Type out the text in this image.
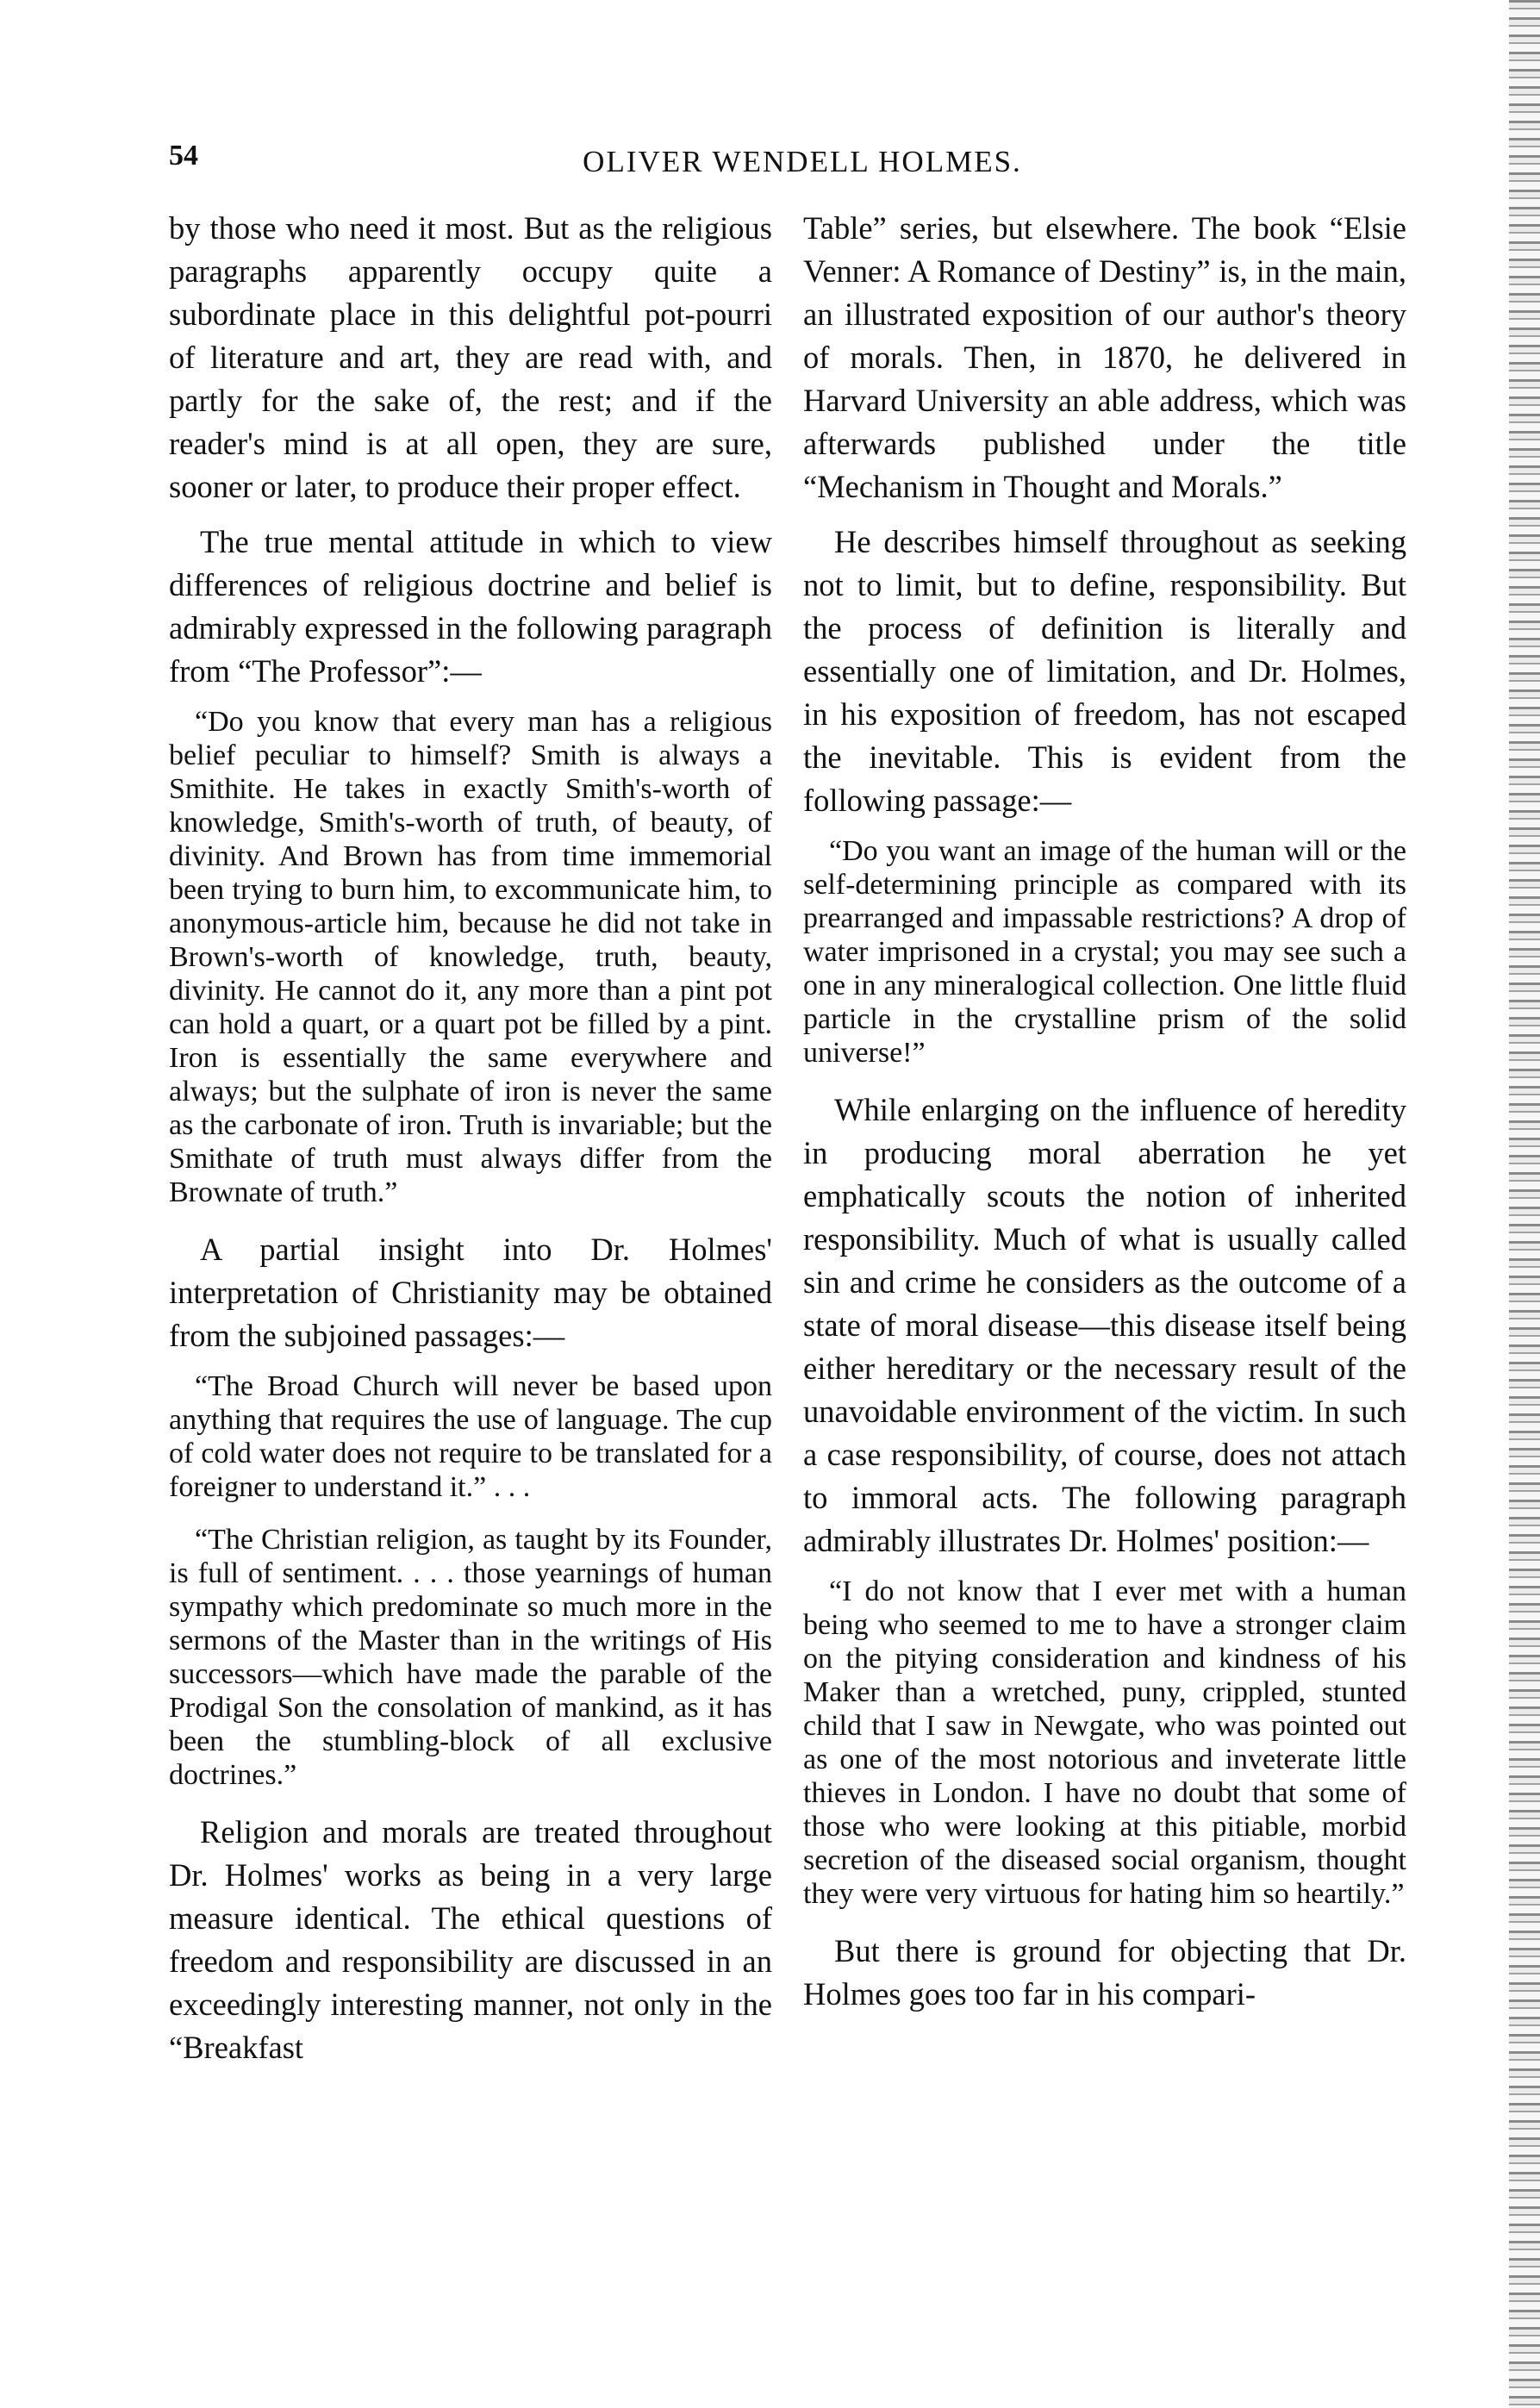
54	OLIVER WENDELL HOLMES.

by those who need it most. But as the religious paragraphs apparently occupy quite a subordinate place in this delightful pot-pourri of literature and art, they are read with, and partly for the sake of, the rest; and if the reader's mind is at all open, they are sure, sooner or later, to produce their proper effect.

The true mental attitude in which to view differences of religious doctrine and belief is admirably expressed in the following paragraph from “The Professor”:—

“Do you know that every man has a religious belief peculiar to himself? Smith is always a Smithite. He takes in exactly Smith's-worth of knowledge, Smith's-worth of truth, of beauty, of divinity. And Brown has from time immemorial been trying to burn him, to excommunicate him, to anonymous-article him, because he did not take in Brown's-worth of knowledge, truth, beauty, divinity. He cannot do it, any more than a pint pot can hold a quart, or a quart pot be filled by a pint. Iron is essentially the same everywhere and always; but the sulphate of iron is never the same as the carbonate of iron. Truth is invariable; but the Smithate of truth must always differ from the Brownate of truth.”

A partial insight into Dr. Holmes' interpretation of Christianity may be obtained from the subjoined passages:—

“The Broad Church will never be based upon anything that requires the use of language. The cup of cold water does not require to be translated for a foreigner to understand it.” . . .

“The Christian religion, as taught by its Founder, is full of sentiment. . . . those yearnings of human sympathy which predominate so much more in the sermons of the Master than in the writings of His successors—which have made the parable of the Prodigal Son the consolation of mankind, as it has been the stumbling-block of all exclusive doctrines.”

Religion and morals are treated throughout Dr. Holmes' works as being in a very large measure identical. The ethical questions of freedom and responsibility are discussed in an exceedingly interesting manner, not only in the “Breakfast

Table” series, but elsewhere. The book “Elsie Venner: A Romance of Destiny” is, in the main, an illustrated exposition of our author's theory of morals. Then, in 1870, he delivered in Harvard University an able address, which was afterwards published under the title “Mechanism in Thought and Morals.”

He describes himself throughout as seeking not to limit, but to define, responsibility. But the process of definition is literally and essentially one of limitation, and Dr. Holmes, in his exposition of freedom, has not escaped the inevitable. This is evident from the following passage:—

“Do you want an image of the human will or the self-determining principle as compared with its prearranged and impassable restrictions? A drop of water imprisoned in a crystal; you may see such a one in any mineralogical collection. One little fluid particle in the crystalline prism of the solid universe!”

While enlarging on the influence of heredity in producing moral aberration he yet emphatically scouts the notion of inherited responsibility. Much of what is usually called sin and crime he considers as the outcome of a state of moral disease—this disease itself being either hereditary or the necessary result of the unavoidable environment of the victim. In such a case responsibility, of course, does not attach to immoral acts. The following paragraph admirably illustrates Dr. Holmes' position:—

“I do not know that I ever met with a human being who seemed to me to have a stronger claim on the pitying consideration and kindness of his Maker than a wretched, puny, crippled, stunted child that I saw in Newgate, who was pointed out as one of the most notorious and inveterate little thieves in London. I have no doubt that some of those who were looking at this pitiable, morbid secretion of the diseased social organism, thought they were very virtuous for hating him so heartily.”

But there is ground for objecting that Dr. Holmes goes too far in his compari-
